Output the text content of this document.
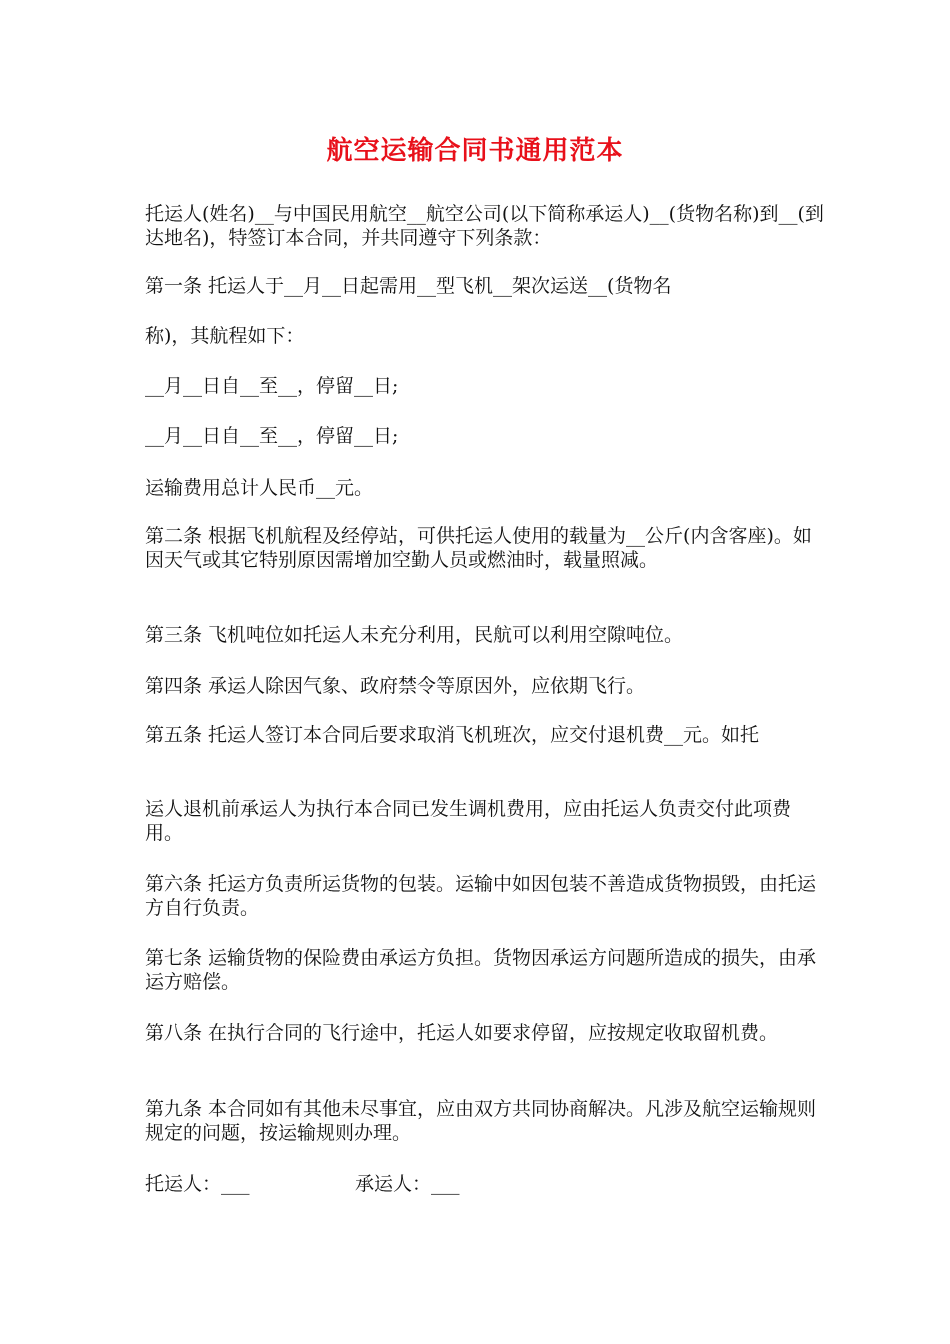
航空运输合同书通用范本
托运人(姓名)__与中国民用航空__航空公司(以下简称承运人)__(货物名称)到__(到达地名)，特签订本合同，并共同遵守下列条款：
第一条 托运人于__月__日起需用__型飞机__架次运送__(货物名
称)，其航程如下：
__月__日自__至__，停留__日;
__月__日自__至__，停留__日;
运输费用总计人民币__元。
第二条 根据飞机航程及经停站，可供托运人使用的载量为__公斤(内含客座)。如因天气或其它特别原因需增加空勤人员或燃油时，载量照减。
第三条 飞机吨位如托运人未充分利用，民航可以利用空隙吨位。
第四条 承运人除因气象、政府禁令等原因外，应依期飞行。
第五条 托运人签订本合同后要求取消飞机班次，应交付退机费__元。如托
运人退机前承运人为执行本合同已发生调机费用，应由托运人负责交付此项费用。
第六条 托运方负责所运货物的包装。运输中如因包装不善造成货物损毁，由托运方自行负责。
第七条 运输货物的保险费由承运方负担。货物因承运方问题所造成的损失，由承运方赔偿。
第八条 在执行合同的飞行途中，托运人如要求停留，应按规定收取留机费。
第九条 本合同如有其他未尽事宜，应由双方共同协商解决。凡涉及航空运输规则规定的问题，按运输规则办理。
托运人：___	承运人：___
